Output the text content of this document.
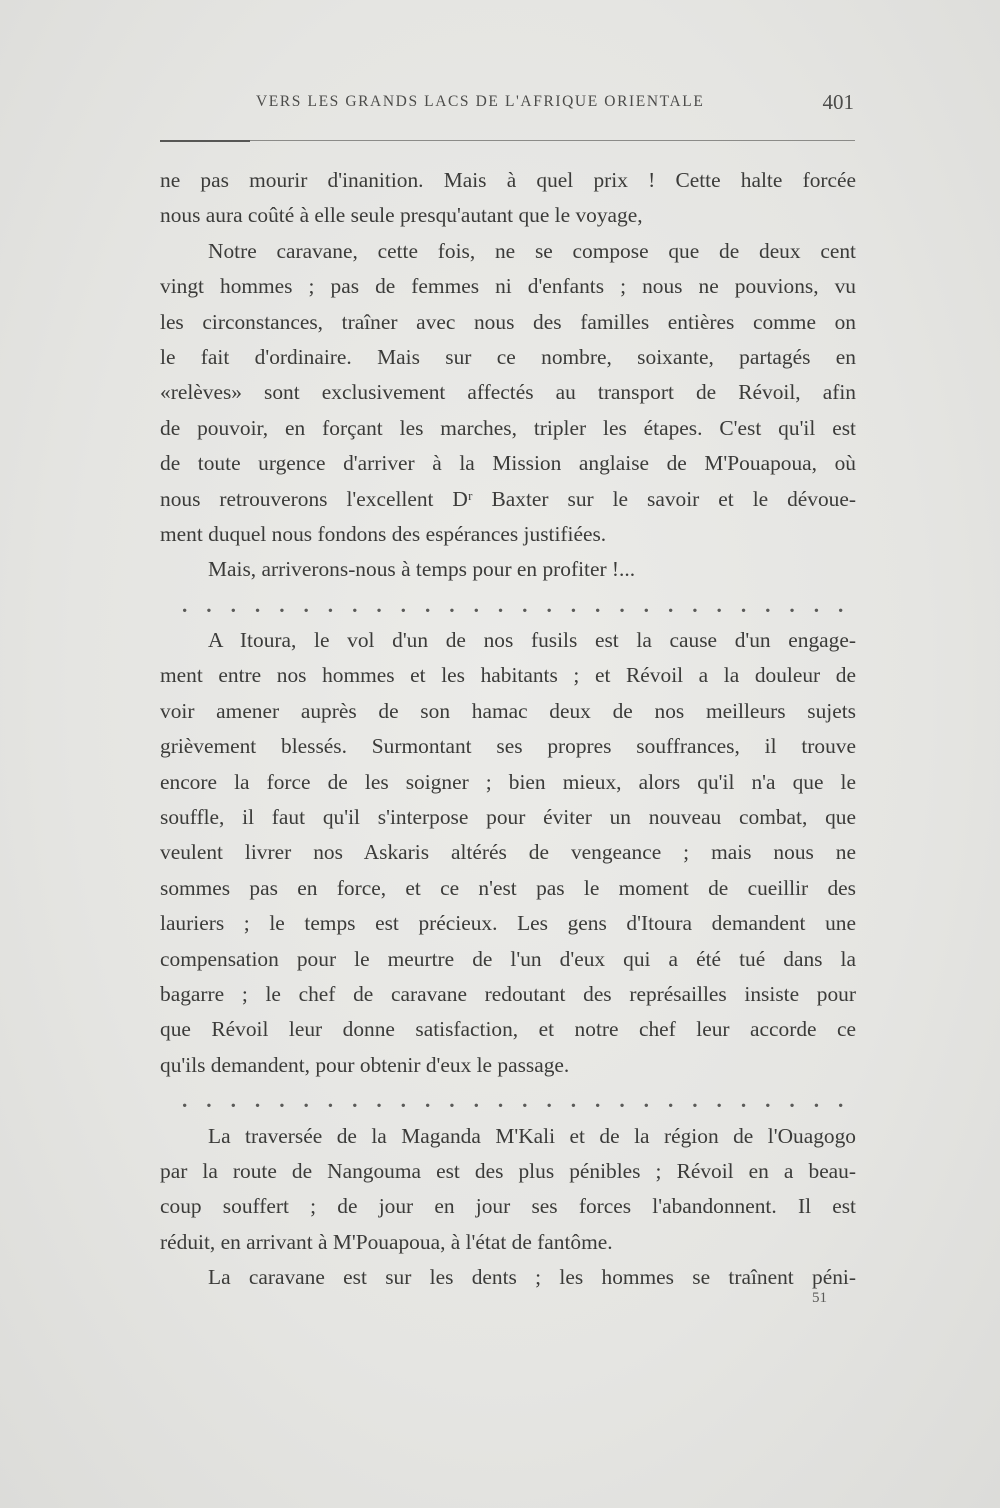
VERS LES GRANDS LACS DE L'AFRIQUE ORIENTALE	401
ne pas mourir d'inanition. Mais à quel prix ! Cette halte forcée
nous aura coûté à elle seule presqu'autant que le voyage,
Notre caravane, cette fois, ne se compose que de deux cent
vingt hommes ; pas de femmes ni d'enfants ; nous ne pouvions, vu
les circonstances, traîner avec nous des familles entières comme on
le fait d'ordinaire. Mais sur ce nombre, soixante, partagés en
«relèves» sont exclusivement affectés au transport de Révoil, afin
de pouvoir, en forçant les marches, tripler les étapes. C'est qu'il est
de toute urgence d'arriver à la Mission anglaise de M'Pouapoua, où
nous retrouverons l'excellent Dʳ Baxter sur le savoir et le dévoue-
ment duquel nous fondons des espérances justifiées.
Mais, arriverons-nous à temps pour en profiter !...
. . . . . . . . . . . . . . . . . . . . . . . . . . . .
A Itoura, le vol d'un de nos fusils est la cause d'un engage-
ment entre nos hommes et les habitants ; et Révoil a la douleur de
voir amener auprès de son hamac deux de nos meilleurs sujets
grièvement blessés. Surmontant ses propres souffrances, il trouve
encore la force de les soigner ; bien mieux, alors qu'il n'a que le
souffle, il faut qu'il s'interpose pour éviter un nouveau combat, que
veulent livrer nos Askaris altérés de vengeance ; mais nous ne
sommes pas en force, et ce n'est pas le moment de cueillir des
lauriers ; le temps est précieux. Les gens d'Itoura demandent une
compensation pour le meurtre de l'un d'eux qui a été tué dans la
bagarre ; le chef de caravane redoutant des représailles insiste pour
que Révoil leur donne satisfaction, et notre chef leur accorde ce
qu'ils demandent, pour obtenir d'eux le passage.
. . . . . . . . . . . . . . . . . . . . . . . . . . . .
La traversée de la Maganda M'Kali et de la région de l'Ouagogo
par la route de Nangouma est des plus pénibles ; Révoil en a beau-
coup souffert ; de jour en jour ses forces l'abandonnent. Il est
réduit, en arrivant à M'Pouapoua, à l'état de fantôme.
La caravane est sur les dents ; les hommes se traînent péni-
51
